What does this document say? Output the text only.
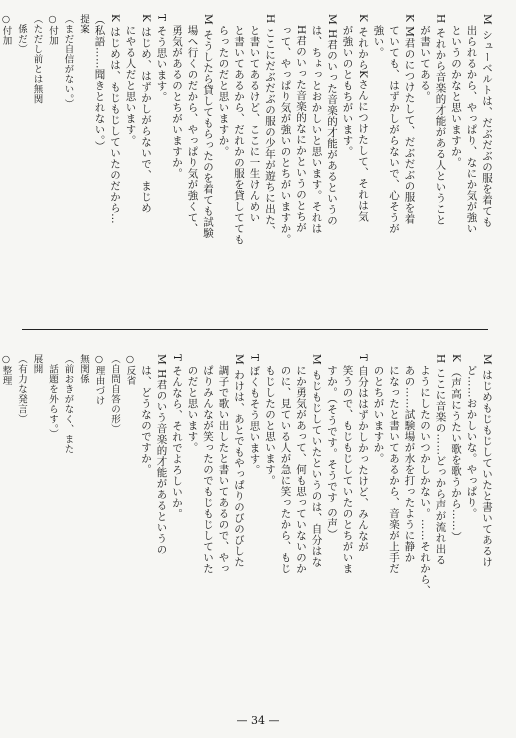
M シューベルトは、だぶだぶの服を着ても
　出られるから、やっぱり、なにか気が強い
　というのかなと思いますか。
H それから音楽的才能がある人ということ
　が書いてある。
K M君のにつけたして、だぶだぶの服を着
　ていても、はずかしがらないで、心そうが
　強い。
K それからKさんにつけたして、それは気
　が強いのともちがいます。
M H君のいった音楽的才能があるというの
　は、ちょっとおかしいと思います。それは
　H君のいった音楽的なにかというのとちが
　って、やっぱり気が強いのとちがいますか。
H ここにだぶだぶの服の少年が遊ちに出た、
　と書いてあるけど、ここに一生けんめい
　と書いてあるから、だれかの服を貸してても
　らったのだと思いますか。
M そうしたら貸してもらったのを着ても試験
　場へ行くのだから、やっぱり気が強くて、
　勇気があるのとちがいますか。
T そう思います。
K はじめ、はずかしがらないで、まじめ
　にやる人だと思います。
K はじめは、もじもじしていたのだから…
（私語……聞きとれない。）
提案
（まだ自信がない。）
○付加
（ただし前とは無関
　係だ）
○付加
M はじめもじもじしていたと書いてあるけ
　ど……おかしいな。やっぱり。
K （声高にうたい歌を歌うから……）
H ここに音楽の……どっから声が流れ出る
　ようにしたのいつかしかない。……それから、
　あの……試験場が水を打ったように静か
　になったと書いてあるから、音楽が上手だ
　のとちがいますか。
T 自分ははずかしかったけど、みんなが
　笑うので、もじもじしていたのとちがいま
　すか。（そうです。そうです の声）
M もじもじしていたというのは、自分はな
　にか勇気があって、何も思っていないのか
　のに、見ている人が急に笑ったから、もじ
　もじしたのと思います。
T ぼくもそう思います。
M わけは、あとでもやっぱりのびのびした
　調子で歌い出したと書いてあるので、やっ
　ぱりみんなが笑ったのでもじもじしていた
　のだと思います。
T そんなら、それでよろしいか。
M H君のいう音楽的才能があるというの
　は、どうなのですか。
○反省
（自問自答の形）
○理由づけ
無関係
（前おきがなく、また
　話題を外らす。）
展開
（有力な発言）
○整理
— 34 —
